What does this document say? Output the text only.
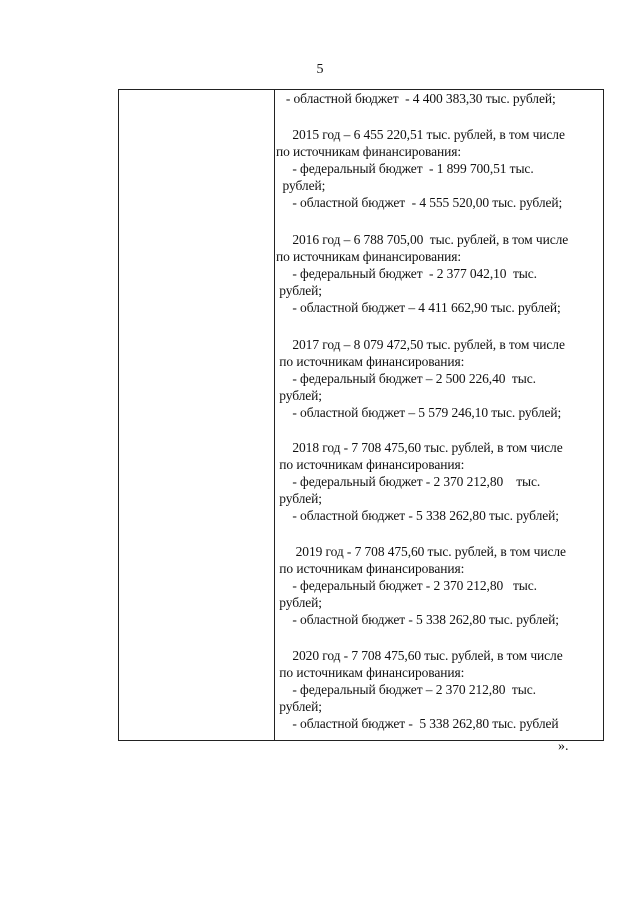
5
- областной бюджет  - 4 400 383,30 тыс. рублей;
2015 год – 6 455 220,51 тыс. рублей, в том числе
по источникам финансирования:
- федеральный бюджет  - 1 899 700,51 тыс.
рублей;
- областной бюджет  - 4 555 520,00 тыс. рублей;
2016 год – 6 788 705,00  тыс. рублей, в том числе
по источникам финансирования:
- федеральный бюджет  - 2 377 042,10  тыс.
рублей;
- областной бюджет – 4 411 662,90 тыс. рублей;
2017 год – 8 079 472,50 тыс. рублей, в том числе
по источникам финансирования:
- федеральный бюджет – 2 500 226,40  тыс.
рублей;
- областной бюджет – 5 579 246,10 тыс. рублей;
2018 год - 7 708 475,60 тыс. рублей, в том числе
по источникам финансирования:
- федеральный бюджет - 2 370 212,80    тыс.
рублей;
- областной бюджет - 5 338 262,80 тыс. рублей;
2019 год - 7 708 475,60 тыс. рублей, в том числе
по источникам финансирования:
- федеральный бюджет - 2 370 212,80   тыс.
рублей;
- областной бюджет - 5 338 262,80 тыс. рублей;
2020 год - 7 708 475,60 тыс. рублей, в том числе
по источникам финансирования:
- федеральный бюджет – 2 370 212,80  тыс.
рублей;
- областной бюджет -  5 338 262,80 тыс. рублей
».
